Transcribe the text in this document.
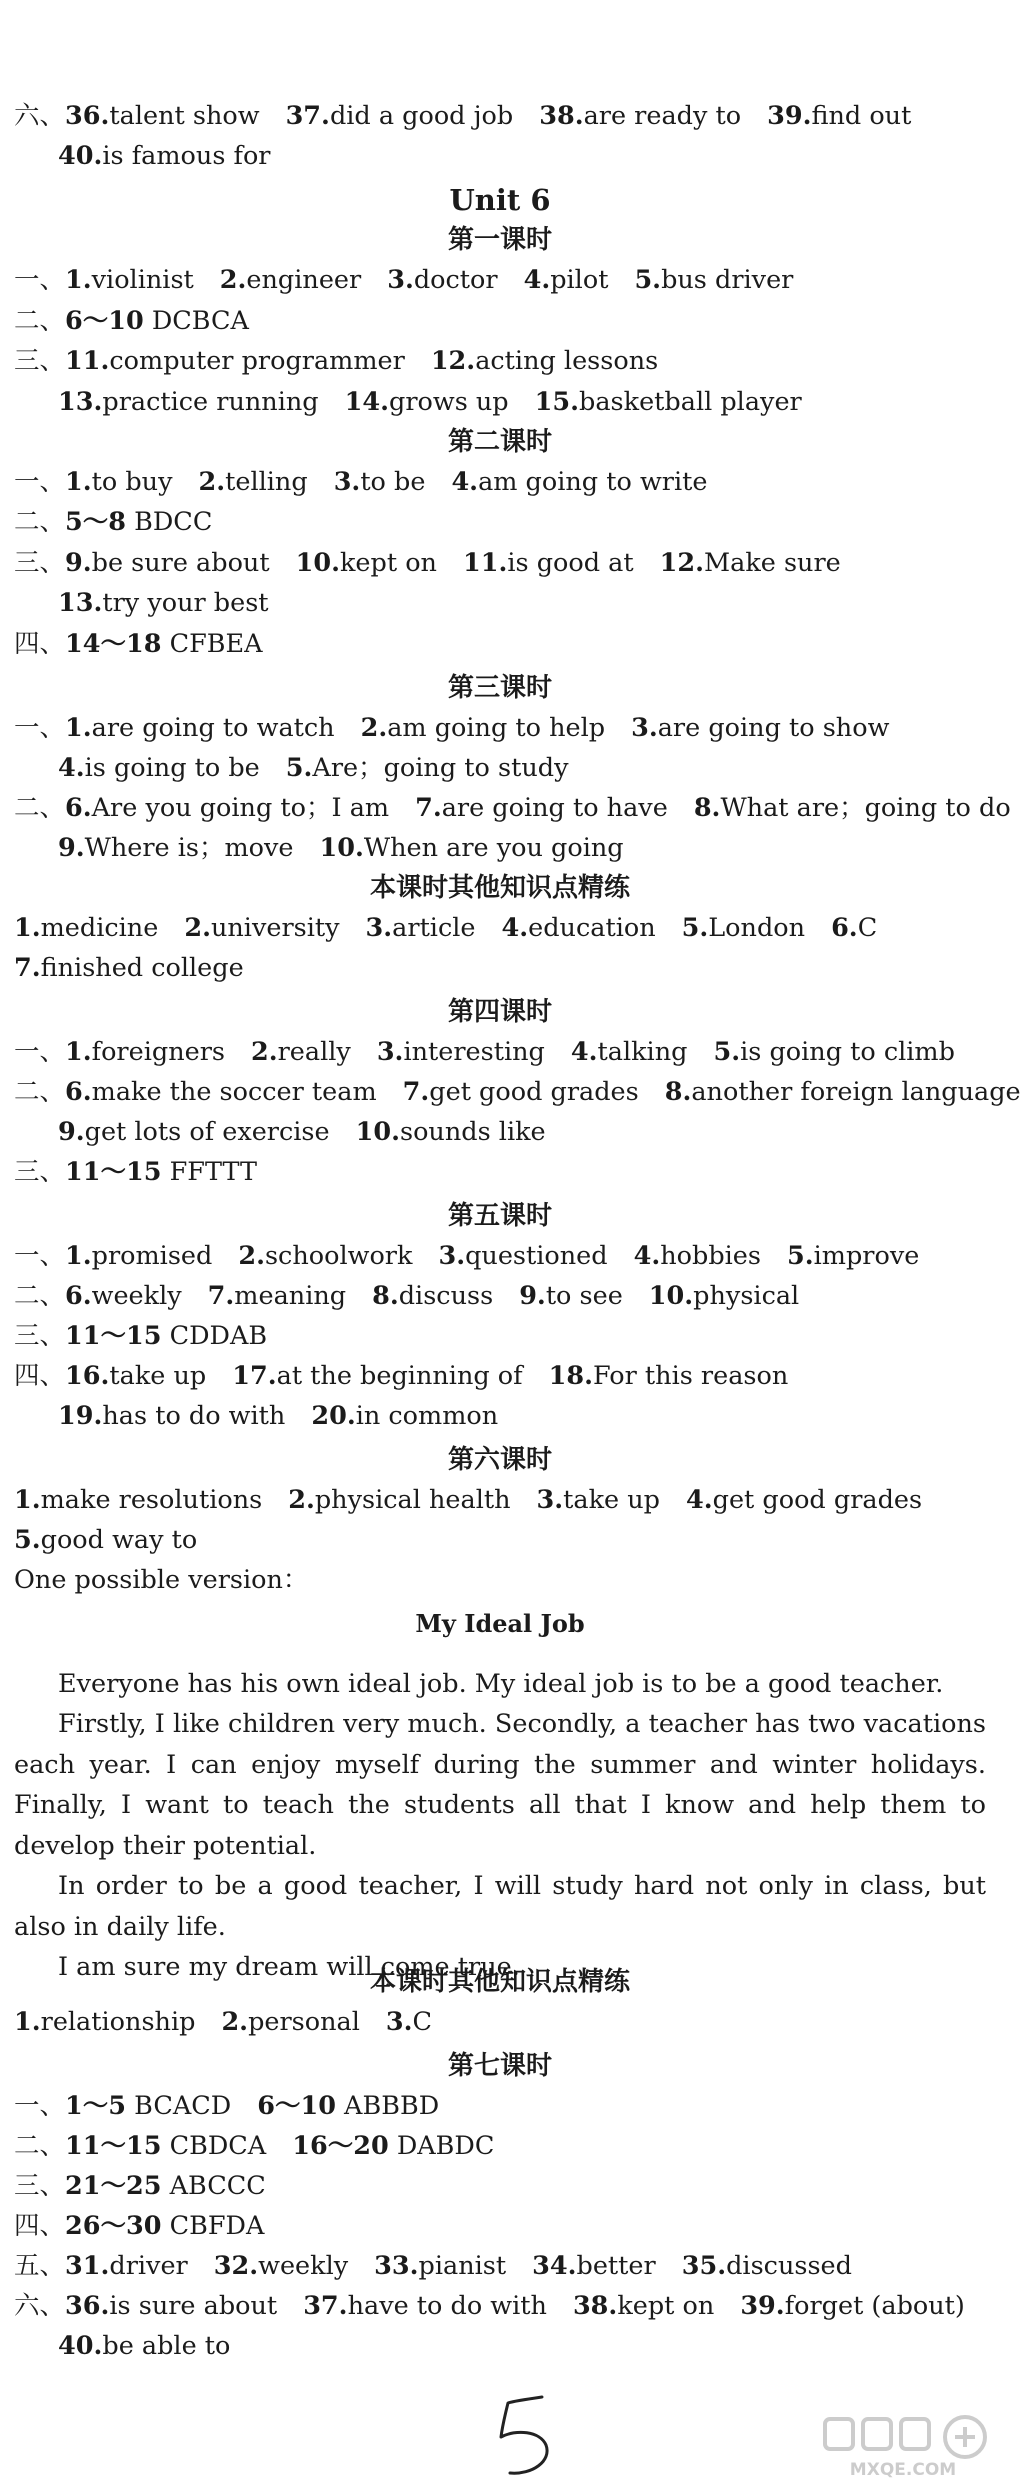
六、36.talent show 37.did a good job 38.are ready to 39.find out
40.is famous for
Unit 6
第一课时
一、1.violinist 2.engineer 3.doctor 4.pilot 5.bus driver
二、6～10 DCBCA
三、11.computer programmer 12.acting lessons
13.practice running 14.grows up 15.basketball player
第二课时
一、1.to buy 2.telling 3.to be 4.am going to write
二、5～8 BDCC
三、9.be sure about 10.kept on 11.is good at 12.Make sure
13.try your best
四、14～18 CFBEA
第三课时
一、1.are going to watch 2.am going to help 3.are going to show
4.is going to be 5.Are；going to study
二、6.Are you going to；I am 7.are going to have 8.What are；going to do
9.Where is；move 10.When are you going
本课时其他知识点精练
1.medicine 2.university 3.article 4.education 5.London 6.C
7.finished college
第四课时
一、1.foreigners 2.really 3.interesting 4.talking 5.is going to climb
二、6.make the soccer team 7.get good grades 8.another foreign language
9.get lots of exercise 10.sounds like
三、11～15 FFTTT
第五课时
一、1.promised 2.schoolwork 3.questioned 4.hobbies 5.improve
二、6.weekly 7.meaning 8.discuss 9.to see 10.physical
三、11～15 CDDAB
四、16.take up 17.at the beginning of 18.For this reason
19.has to do with 20.in common
第六课时
1.make resolutions 2.physical health 3.take up 4.get good grades
5.good way to
One possible version：
My Ideal Job
Everyone has his own ideal job. My ideal job is to be a good teacher.
Firstly, I like children very much. Secondly, a teacher has two vacations each year. I can enjoy myself during the summer and winter holidays. Finally, I want to teach the students all that I know and help them to develop their potential.
In order to be a good teacher, I will study hard not only in class, but also in daily life.
I am sure my dream will come true.
本课时其他知识点精练
1.relationship 2.personal 3.C
第七课时
一、1～5 BCACD 6～10 ABBBD
二、11～15 CBDCA 16～20 DABDC
三、21～25 ABCCC
四、26～30 CBFDA
五、31.driver 32.weekly 33.pianist 34.better 35.discussed
六、36.is sure about 37.have to do with 38.kept on 39.forget (about)
40.be able to
MXQE.COM
